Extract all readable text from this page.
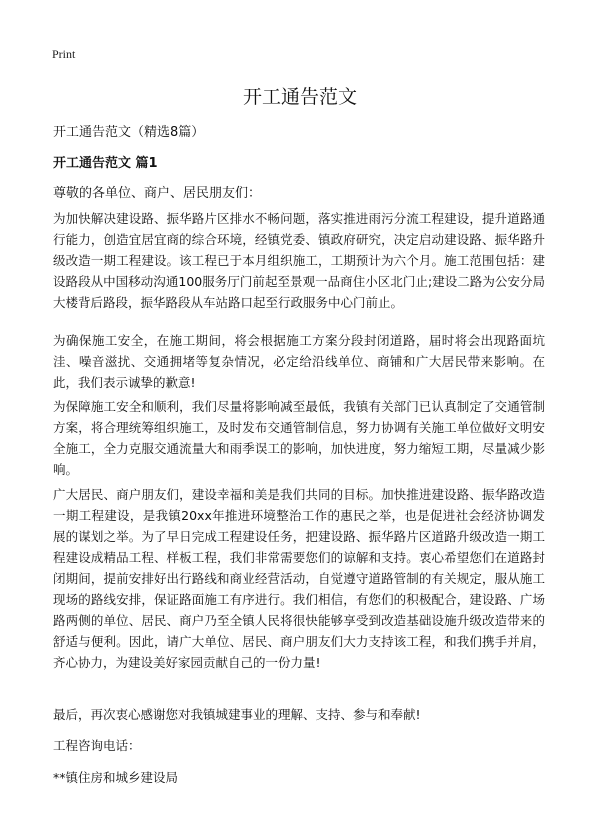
Print
开工通告范文
开工通告范文（精选8篇）
开工通告范文 篇1
尊敬的各单位、商户、居民朋友们：

为加快解决建设路、振华路片区排水不畅问题，落实推进雨污分流工程建设，提升道路通行能力，创造宜居宜商的综合环境，经镇党委、镇政府研究，决定启动建设路、振华路升级改造一期工程建设。该工程已于本月组织施工，工期预计为六个月。施工范围包括：建设路段从中国移动沟通100服务厅门前起至景观一品商住小区北门止;建设二路为公安分局大楼背后路段，振华路段从车站路口起至行政服务中心门前止。

为确保施工安全，在施工期间，将会根据施工方案分段封闭道路，届时将会出现路面坑洼、噪音滋扰、交通拥堵等复杂情况，必定给沿线单位、商铺和广大居民带来影响。在此，我们表示诚挚的歉意!

为保障施工安全和顺利，我们尽量将影响减至最低，我镇有关部门已认真制定了交通管制方案，将合理统筹组织施工，及时发布交通管制信息，努力协调有关施工单位做好文明安全施工，全力克服交通流量大和雨季误工的影响，加快进度，努力缩短工期，尽量减少影响。

广大居民、商户朋友们，建设幸福和美是我们共同的目标。加快推进建设路、振华路改造一期工程建设，是我镇20xx年推进环境整治工作的惠民之举，也是促进社会经济协调发展的谋划之举。为了早日完成工程建设任务，把建设路、振华路片区道路升级改造一期工程建设成精品工程、样板工程，我们非常需要您们的谅解和支持。衷心希望您们在道路封闭期间，提前安排好出行路线和商业经营活动，自觉遵守道路管制的有关规定，服从施工现场的路线安排，保证路面施工有序进行。我们相信，有您们的积极配合，建设路、广场路两侧的单位、居民、商户乃至全镇人民将很快能够享受到改造基础设施升级改造带来的舒适与便利。因此，请广大单位、居民、商户朋友们大力支持该工程，和我们携手并肩，齐心协力，为建设美好家园贡献自己的一份力量!

最后，再次衷心感谢您对我镇城建事业的理解、支持、参与和奉献!
工程咨询电话：
**镇住房和城乡建设局
